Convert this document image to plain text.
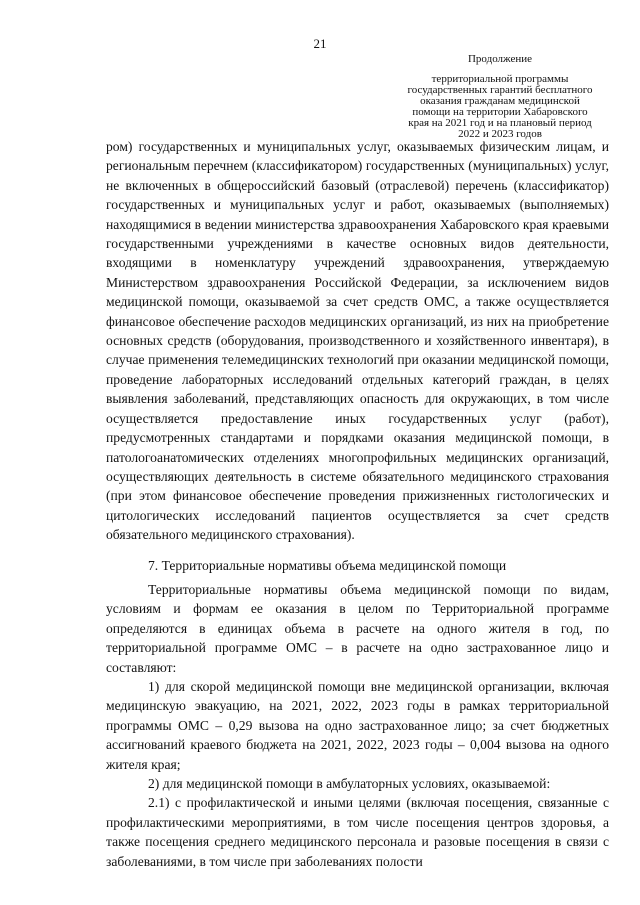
21
Продолжение
территориальной программы
государственных гарантий бесплатного
оказания гражданам медицинской
помощи на территории Хабаровского
края на 2021 год и на плановый период
2022 и 2023 годов

ром) государственных и муниципальных услуг, оказываемых физическим лицам, и региональным перечнем (классификатором) государственных (муниципальных) услуг, не включенных в общероссийский базовый (отраслевой) перечень (классификатор) государственных и муниципальных услуг и работ, оказываемых (выполняемых) находящимися в ведении министерства здравоохранения Хабаровского края краевыми государственными учреждениями в качестве основных видов деятельности, входящими в номенклатуру учреждений здравоохранения, утверждаемую Министерством здравоохранения Российской Федерации, за исключением видов медицинской помощи, оказываемой за счет средств ОМС, а также осуществляется финансовое обеспечение расходов медицинских организаций, из них на приобретение основных средств (оборудования, производственного и хозяйственного инвентаря), в случае применения телемедицинских технологий при оказании медицинской помощи, проведение лабораторных исследований отдельных категорий граждан, в целях выявления заболеваний, представляющих опасность для окружающих, в том числе осуществляется предоставление иных государственных услуг (работ), предусмотренных стандартами и порядками оказания медицинской помощи, в патологоанатомических отделениях многопрофильных медицинских организаций, осуществляющих деятельность в системе обязательного медицинского страхования (при этом финансовое обеспечение проведения прижизненных гистологических и цитологических исследований пациентов осуществляется за счет средств обязательного медицинского страхования).

7. Территориальные нормативы объема медицинской помощи

Территориальные нормативы объема медицинской помощи по видам, условиям и формам ее оказания в целом по Территориальной программе определяются в единицах объема в расчете на одного жителя в год, по территориальной программе ОМС – в расчете на одно застрахованное лицо и составляют:

1) для скорой медицинской помощи вне медицинской организации, включая медицинскую эвакуацию, на 2021, 2022, 2023 годы в рамках территориальной программы ОМС – 0,29 вызова на одно застрахованное лицо; за счет бюджетных ассигнований краевого бюджета на 2021, 2022, 2023 годы – 0,004 вызова на одного жителя края;

2) для медицинской помощи в амбулаторных условиях, оказываемой:

2.1) с профилактической и иными целями (включая посещения, связанные с профилактическими мероприятиями, в том числе посещения центров здоровья, а также посещения среднего медицинского персонала и разовые посещения в связи с заболеваниями, в том числе при заболеваниях полости
